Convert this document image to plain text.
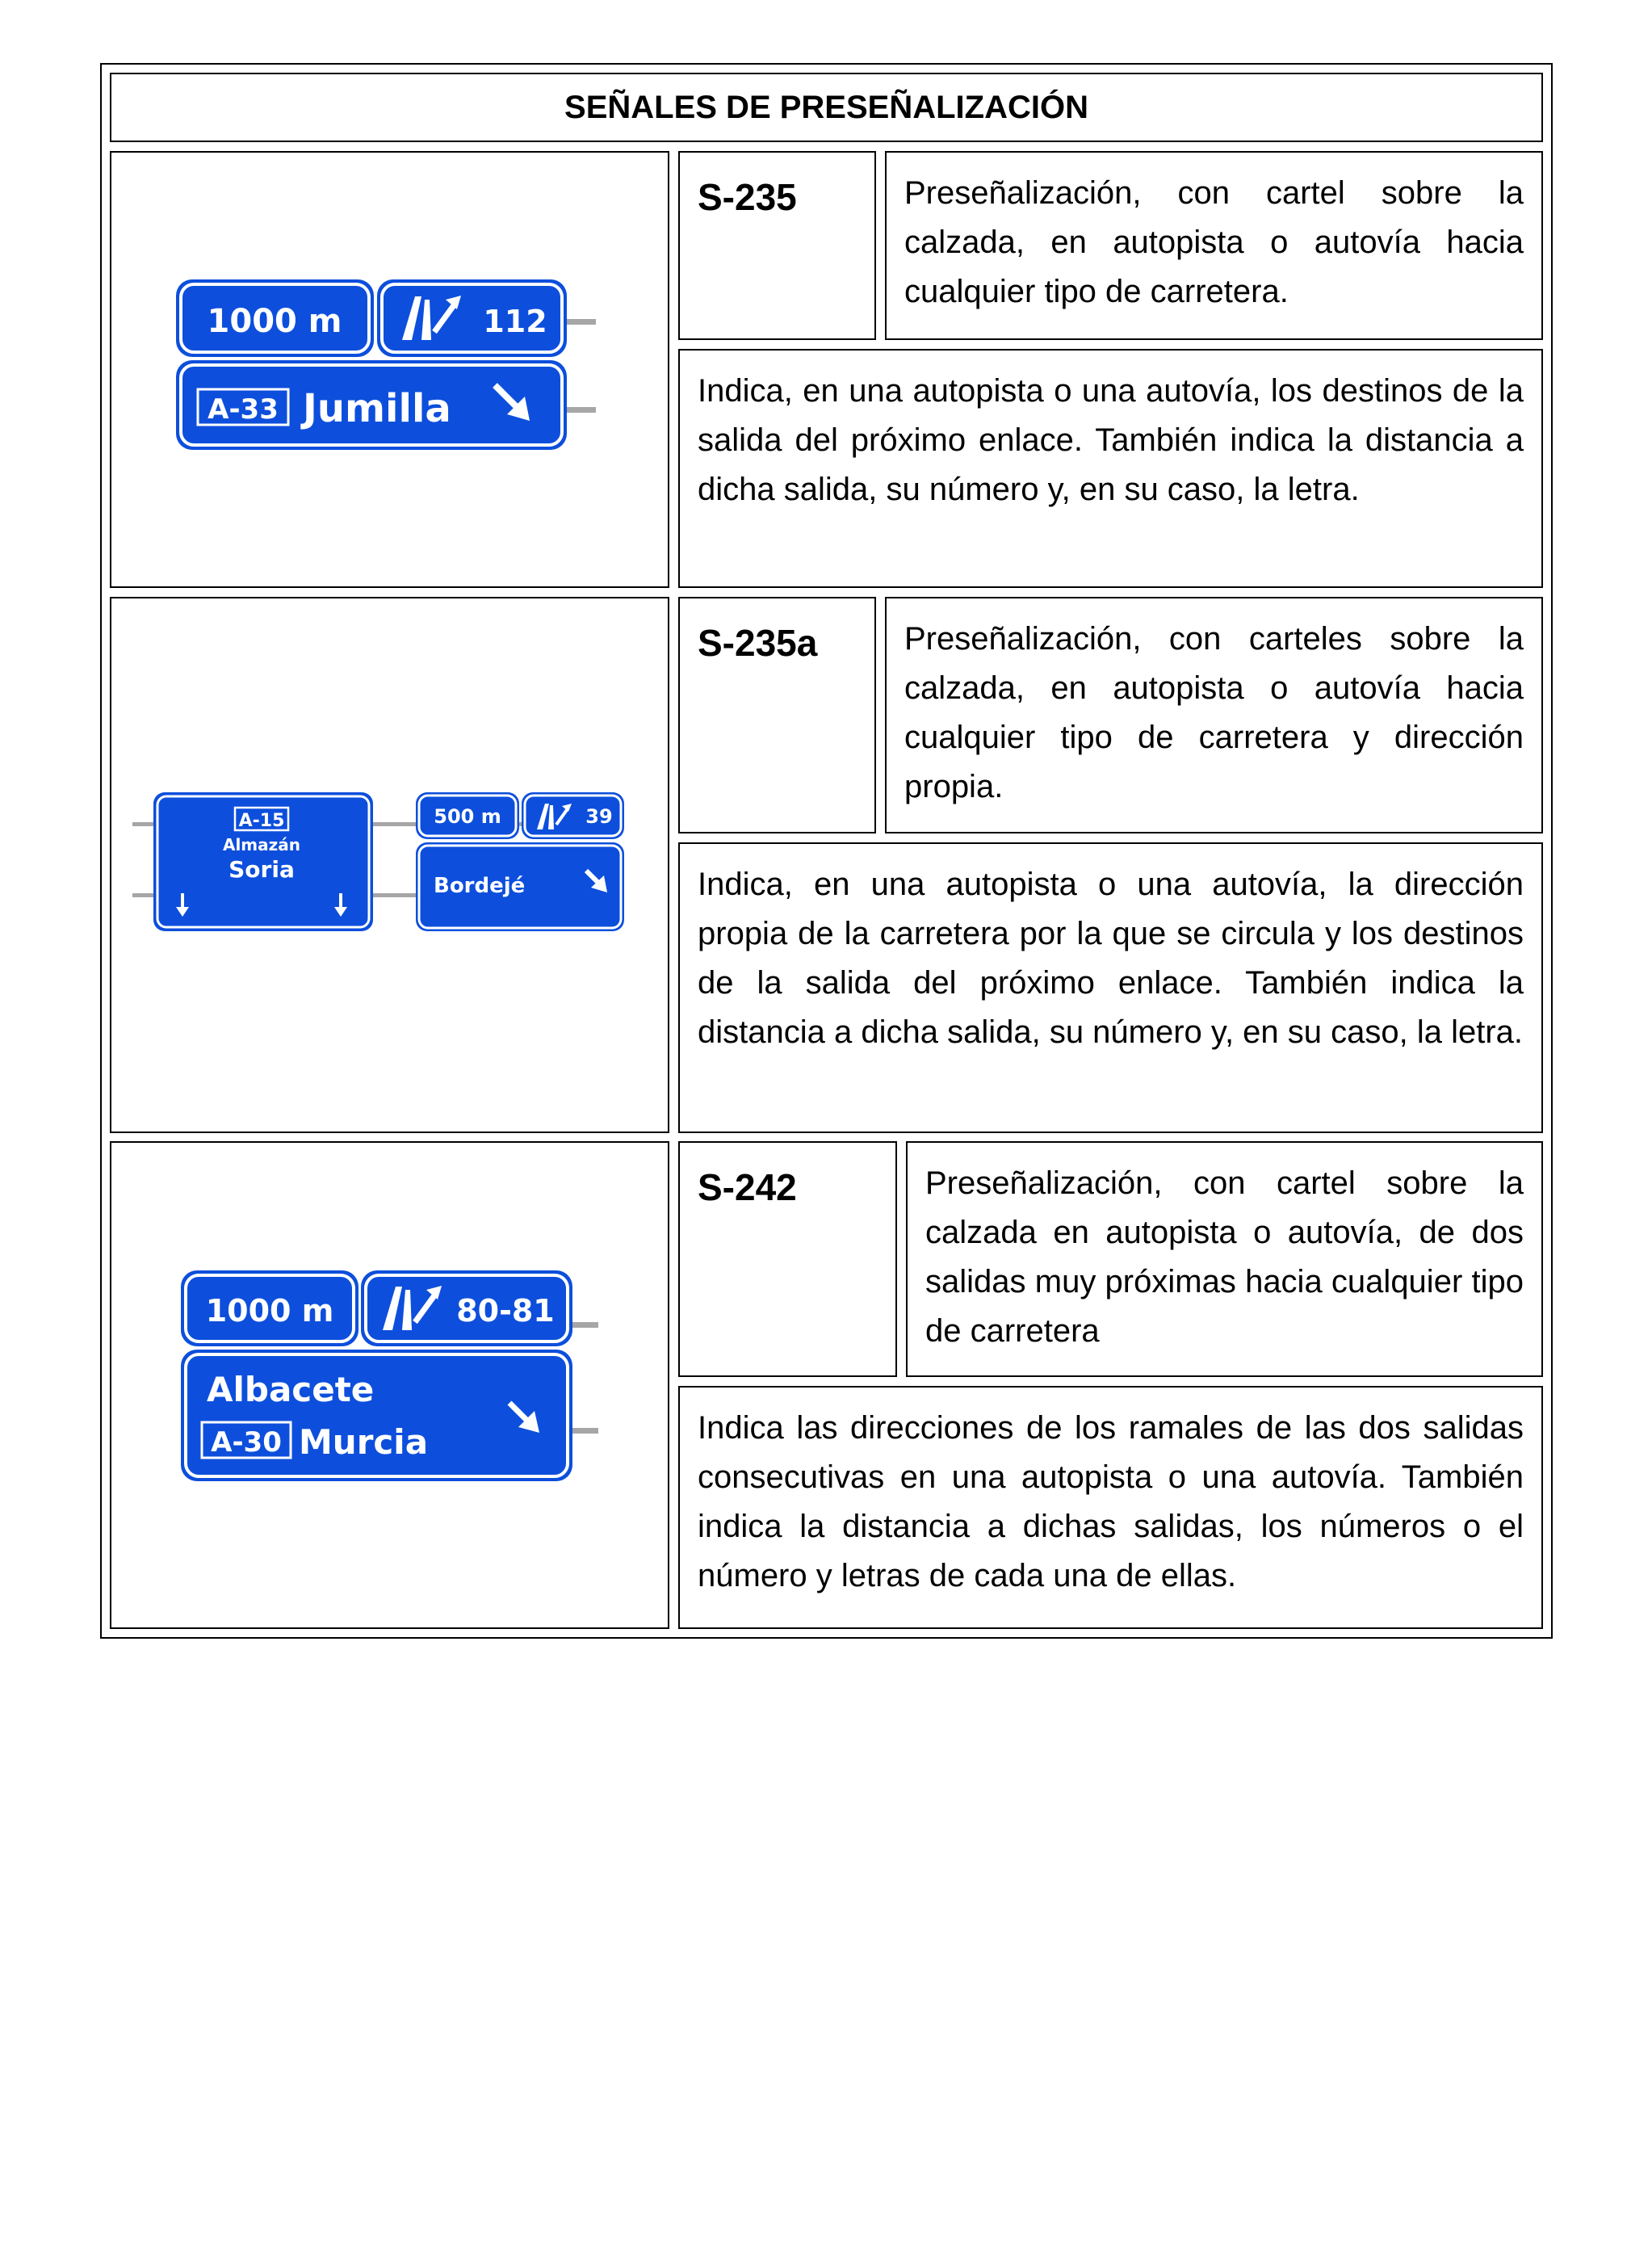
SEÑALES DE PRESEÑALIZACIÓN
1000 m	112
A-33 Jumilla
S-235	Preseñalización, con cartel sobre la calzada, en autopista o autovía hacia cualquier tipo de carretera.
Indica, en una autopista o una autovía, los destinos de la salida del próximo enlace. También indica la distancia a dicha salida, su número y, en su caso, la letra.
A-15
Almazán
Soria
500 m	39
Bordejé
S-235a	Preseñalización, con carteles sobre la calzada, en autopista o autovía hacia cualquier tipo de carretera y dirección propia.
Indica, en una autopista o una autovía, la dirección propia de la carretera por la que se circula y los destinos de la salida del próximo enlace. También indica la distancia a dicha salida, su número y, en su caso, la letra.
1000 m	80-81
Albacete
A-30 Murcia
S-242	Preseñalización, con cartel sobre la calzada en autopista o autovía, de dos salidas muy próximas hacia cualquier tipo de carretera
Indica las direcciones de los ramales de las dos salidas consecutivas en una autopista o una autovía. También indica la distancia a dichas salidas, los números o el número y letras de cada una de ellas.
